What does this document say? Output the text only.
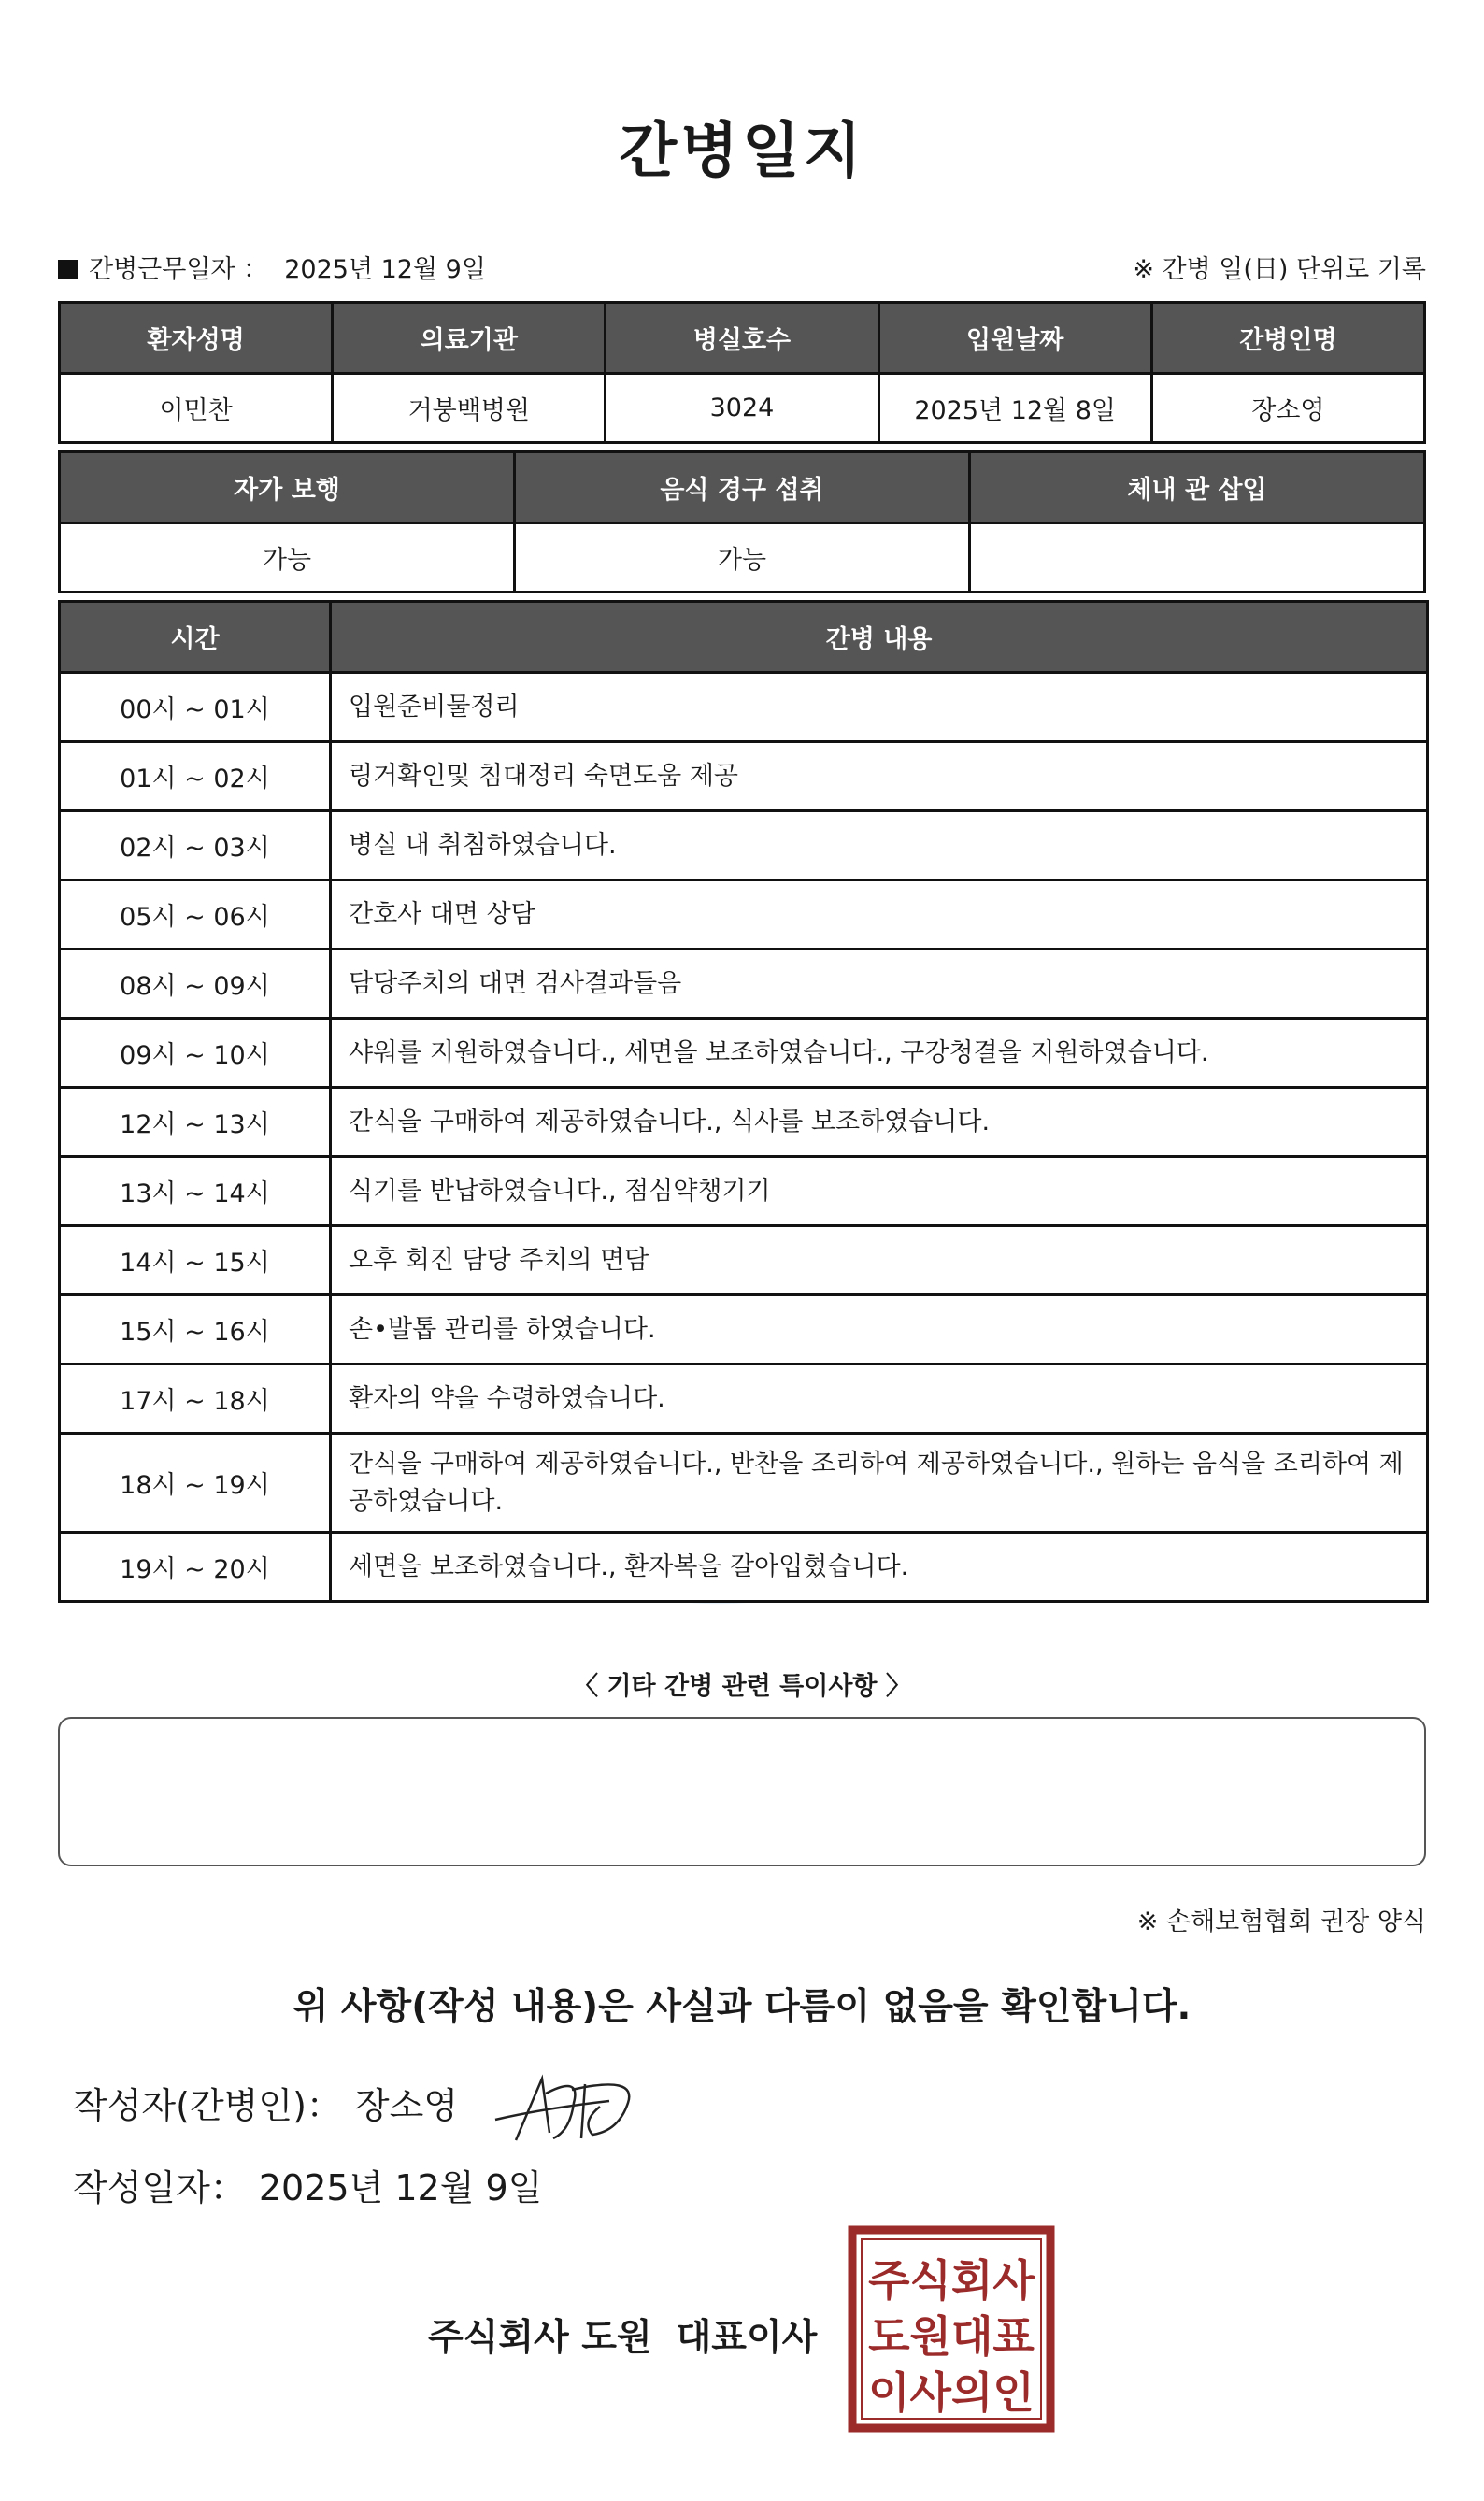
간병일지
간병근무일자 ： 2025년 12월 9일	※ 간병 일(日) 단위로 기록
환자성명	의료기관	병실호수	입원날짜	간병인명
이민찬	거붕백병원	3024	2025년 12월 8일	장소영
자가 보행	음식 경구 섭취	체내 관 삽입
가능	가능	
시간	간병 내용
00시 ~ 01시	입원준비물정리
01시 ~ 02시	링거확인및 침대정리 숙면도움 제공
02시 ~ 03시	병실 내 취침하였습니다.
05시 ~ 06시	간호사 대면 상담
08시 ~ 09시	담당주치의 대면 검사결과들음
09시 ~ 10시	샤워를 지원하였습니다., 세면을 보조하였습니다., 구강청결을 지원하였습니다.
12시 ~ 13시	간식을 구매하여 제공하였습니다., 식사를 보조하였습니다.
13시 ~ 14시	식기를 반납하였습니다., 점심약챙기기
14시 ~ 15시	오후 회진 담당 주치의 면담
15시 ~ 16시	손•발톱 관리를 하였습니다.
17시 ~ 18시	환자의 약을 수령하였습니다.
18시 ~ 19시	간식을 구매하여 제공하였습니다., 반찬을 조리하여 제공하였습니다., 원하는 음식을 조리하여 제공하였습니다.
19시 ~ 20시	세면을 보조하였습니다., 환자복을 갈아입혔습니다.
〈 기타 간병 관련 특이사항 〉
※ 손해보험협회 권장 양식
위 사항(작성 내용)은 사실과 다름이 없음을 확인합니다.
작성자(간병인)： 장소영
작성일자： 2025년 12월 9일
주식회사 도원 대표이사
주식회사
도원대표
이사의인
